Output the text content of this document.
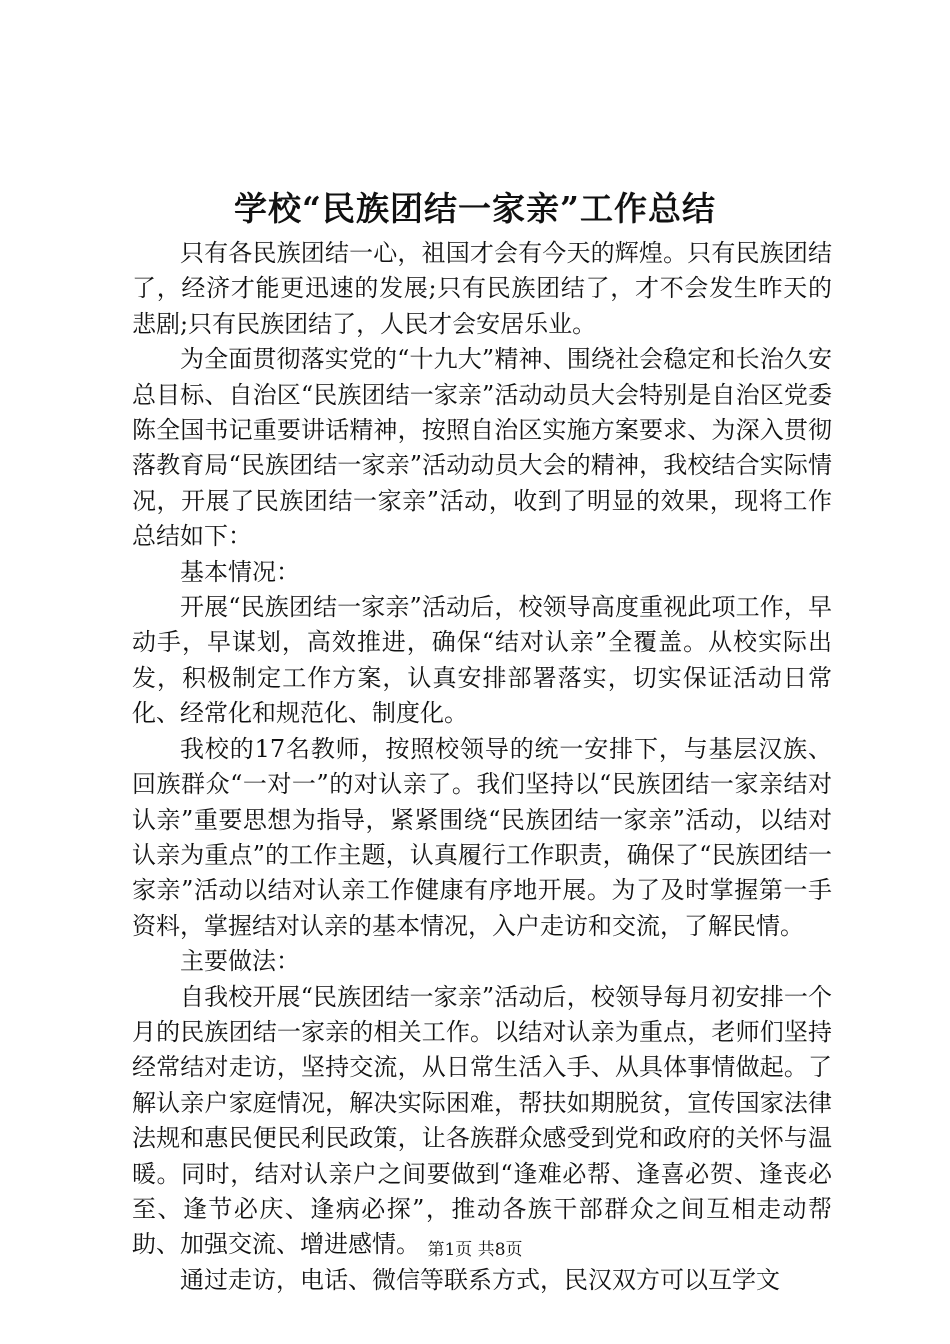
学校“民族团结一家亲”工作总结

只有各民族团结一心，祖国才会有今天的辉煌。只有民族团结了，经济才能更迅速的发展;只有民族团结了，才不会发生昨天的悲剧;只有民族团结了，人民才会安居乐业。

为全面贯彻落实党的“十九大”精神、围绕社会稳定和长治久安总目标、自治区“民族团结一家亲”活动动员大会特别是自治区党委陈全国书记重要讲话精神，按照自治区实施方案要求、为深入贯彻落教育局“民族团结一家亲”活动动员大会的精神，我校结合实际情况，开展了民族团结一家亲”活动，收到了明显的效果，现将工作总结如下：

基本情况：

开展“民族团结一家亲”活动后，校领导高度重视此项工作，早动手，早谋划，高效推进，确保“结对认亲”全覆盖。从校实际出发，积极制定工作方案，认真安排部署落实，切实保证活动日常化、经常化和规范化、制度化。

我校的17名教师，按照校领导的统一安排下，与基层汉族、回族群众“一对一”的对认亲了。我们坚持以“民族团结一家亲结对认亲”重要思想为指导，紧紧围绕“民族团结一家亲”活动，以结对认亲为重点”的工作主题，认真履行工作职责，确保了“民族团结一家亲”活动以结对认亲工作健康有序地开展。为了及时掌握第一手资料，掌握结对认亲的基本情况，入户走访和交流，了解民情。

主要做法：

自我校开展“民族团结一家亲”活动后，校领导每月初安排一个月的民族团结一家亲的相关工作。以结对认亲为重点，老师们坚持经常结对走访，坚持交流，从日常生活入手、从具体事情做起。了解认亲户家庭情况，解决实际困难，帮扶如期脱贫，宣传国家法律法规和惠民便民利民政策，让各族群众感受到党和政府的关怀与温暖。同时，结对认亲户之间要做到“逢难必帮、逢喜必贺、逢丧必至、逢节必庆、逢病必探”，推动各族干部群众之间互相走动帮助、加强交流、增进感情。

通过走访，电话、微信等联系方式，民汉双方可以互学文

第1页 共8页
